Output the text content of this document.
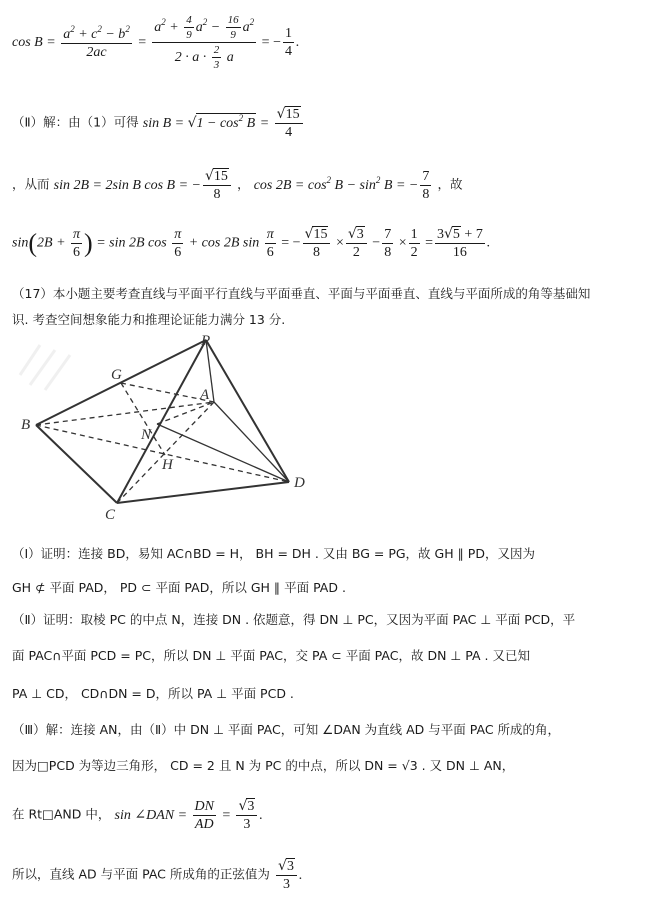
$\cos B = \frac{a^2 + c^2 - b^2}{2ac} = \frac{a^2 + \frac{4}{9} a^2 - \frac{16}{9} a^2}{2 \cdot a \cdot \frac{2}{3} a}$ = − $\frac{1}{4}$ .
（Ⅱ）解：由（1）可得 $\sin B = √1 - \cos^2 B = \frac{√15}{4}$
，从而 sin 2B = 2sin B cos B = − $\frac{√15}{8}$ ， $\cos 2B = \cos^2 B - \sin^2 B$ = − $\frac{7}{8}$ ，故
$\sin(2B + \frac{\pi}{6}$ ) = sin 2B $\cos \frac{\pi}{6} + \cos 2B$ $\sin \frac{\pi}{6}$ = − $\frac{√15}{8} \times \frac{√3}{2} - \frac{7}{8} \times \frac{1}{2} = \frac{3√5 + 7}{16}$ .
（17）本小题主要考查直线与平面平行直线与平面垂直、平面与平面垂直、直线与平面所成的角等基础知
识. 考查空间想象能力和推理论证能力满分 13 分.
P
G
A
B
N
H
C
D
（Ⅰ）证明：连接 BD，易知 AC∩BD = H， BH = DH . 又由 BG = PG，故 GH ∥ PD，又因为
GH ⊄ 平面 PAD， PD ⊂ 平面 PAD，所以 GH ∥ 平面 PAD .
（Ⅱ）证明：取棱 PC 的中点 N，连接 DN . 依题意，得 DN ⊥ PC，又因为平面 PAC ⊥ 平面 PCD，平
面 PAC∩平面 PCD = PC，所以 DN ⊥ 平面 PAC，交 PA ⊂ 平面 PAC，故 DN ⊥ PA . 又已知
PA ⊥ CD， CD∩DN = D，所以 PA ⊥ 平面 PCD .
（Ⅲ）解：连接 AN，由（Ⅱ）中 DN ⊥ 平面 PAC，可知 ∠DAN 为直线 AD 与平面 PAC 所成的角，
因为□PCD 为等边三角形， CD = 2 且 N 为 PC 的中点，所以 DN = √3 . 又 DN ⊥ AN，
在 Rt□AND 中， sin ∠DAN = $\frac{DN}{AD} = \frac{√3}{3}$ .
所以，直线 AD 与平面 PAC 所成角的正弦值为 $\frac{√3}{3}$ .
